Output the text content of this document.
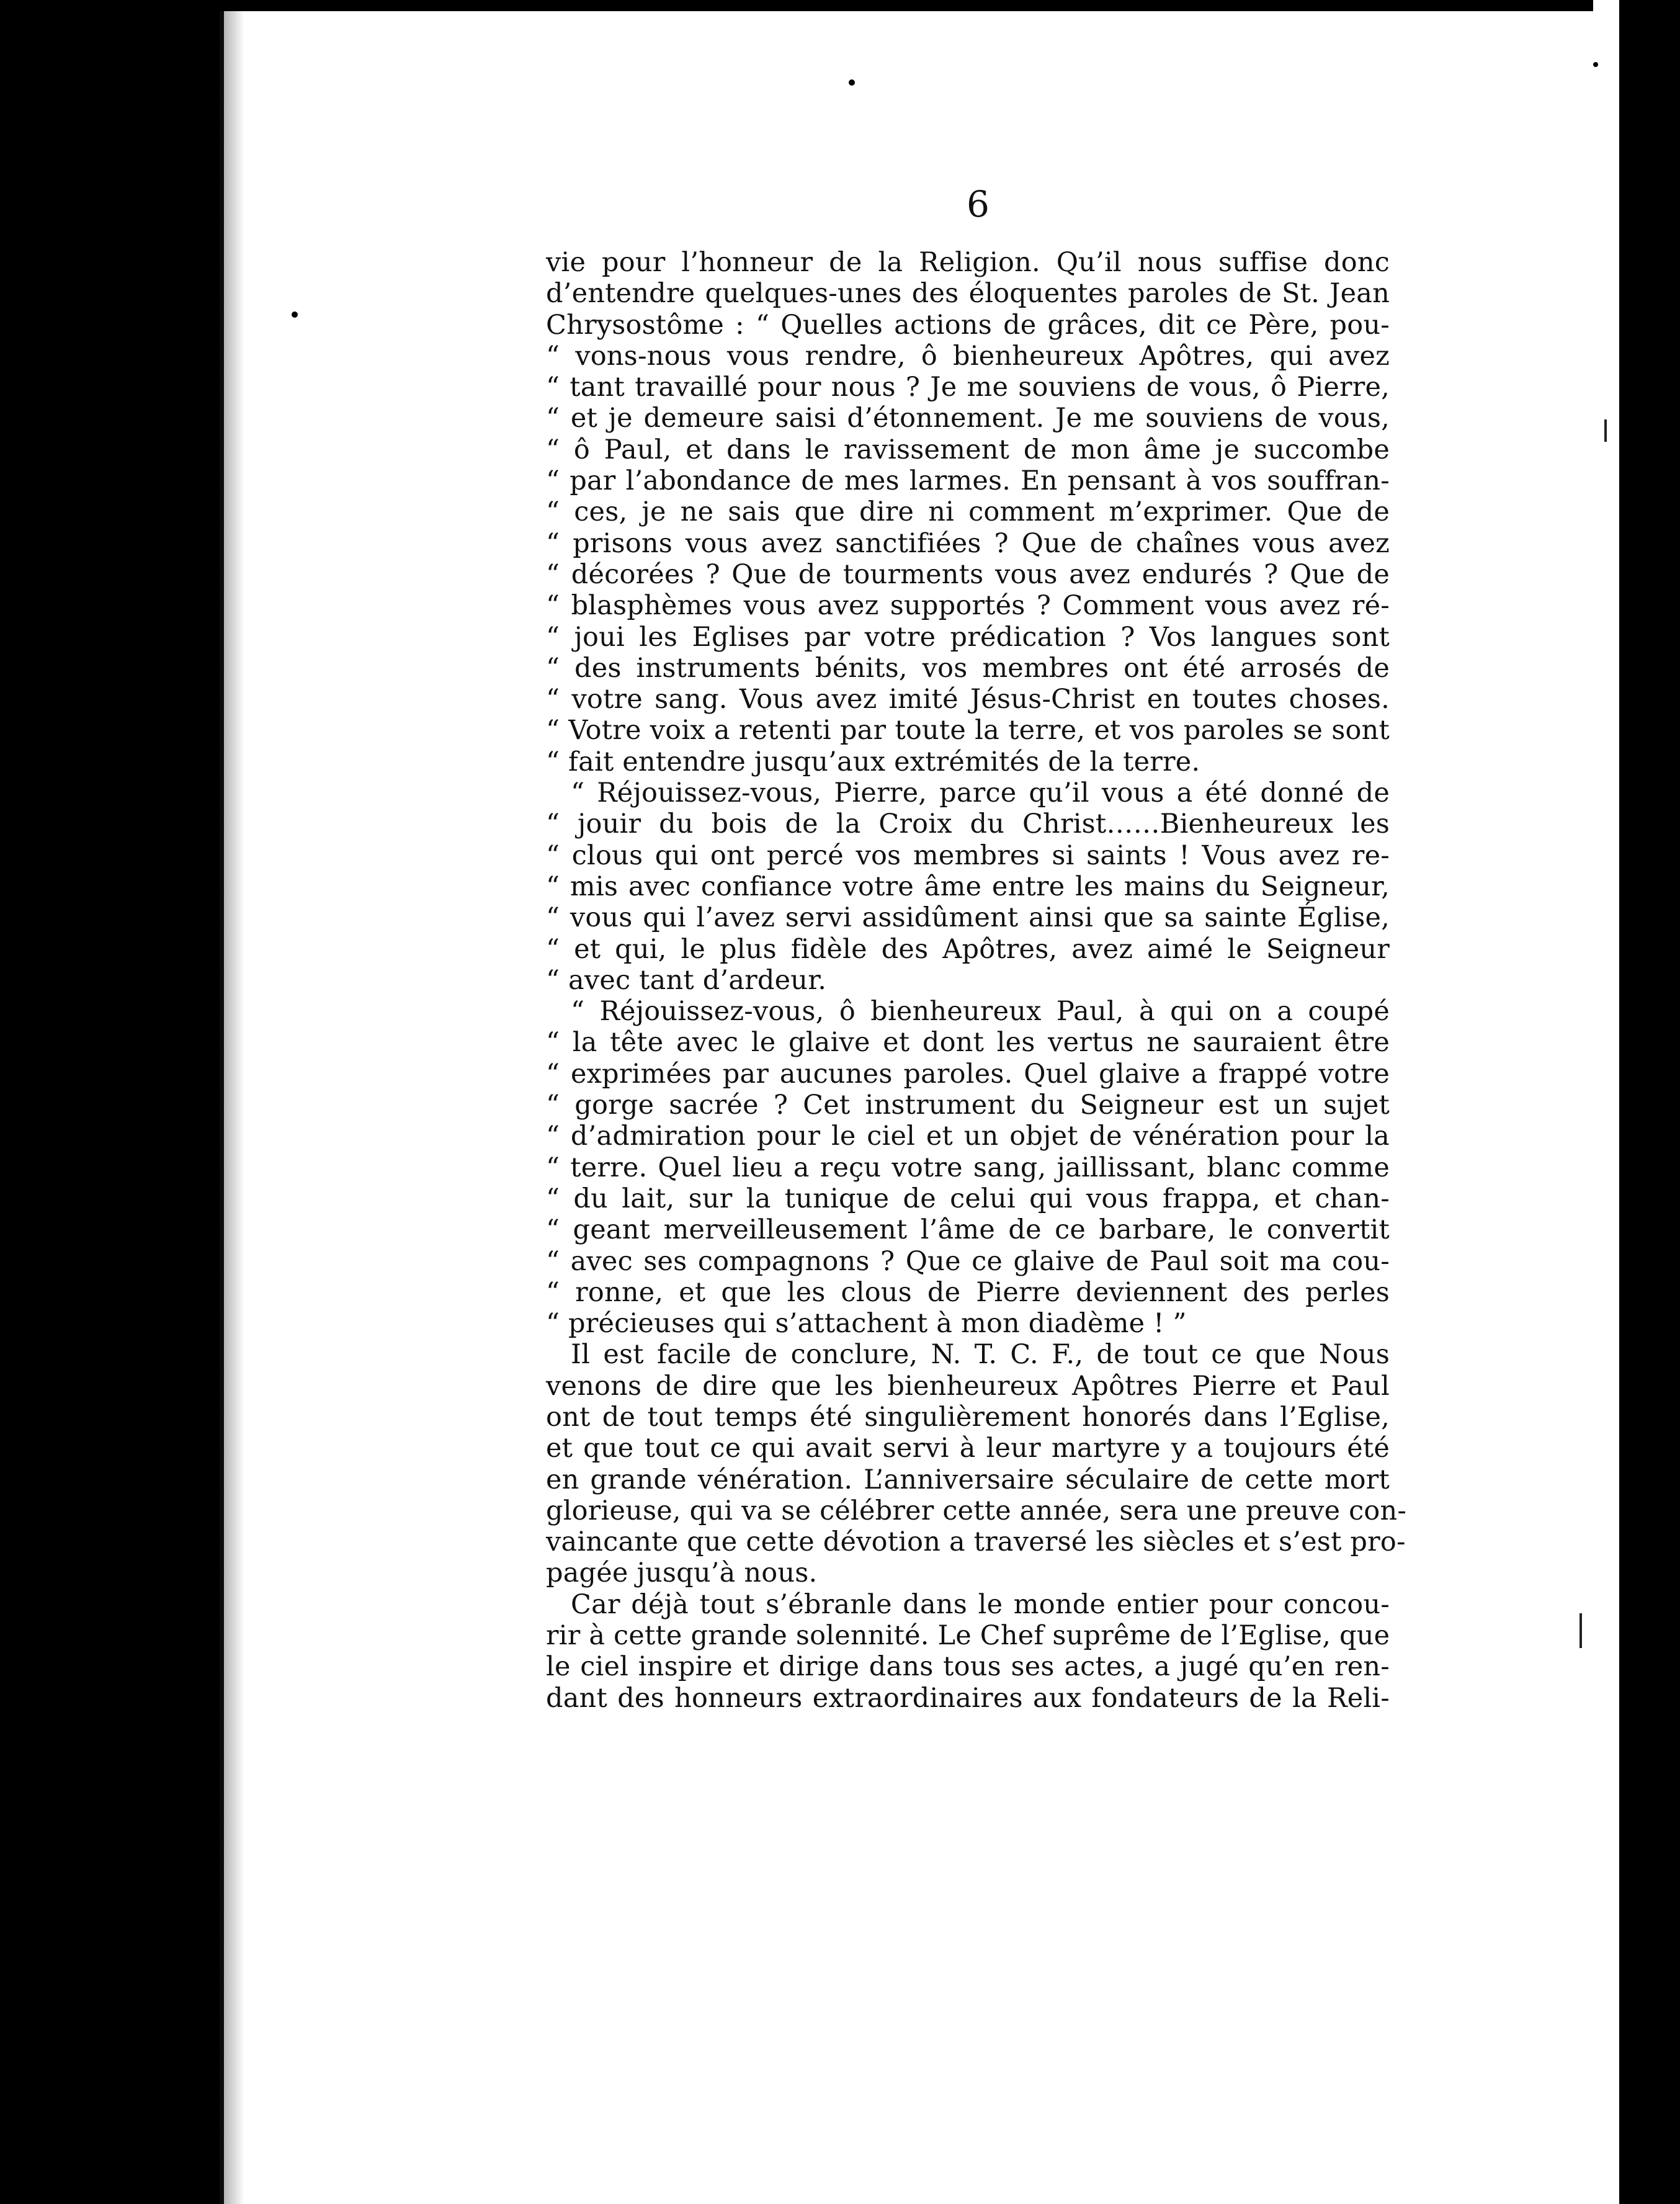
6
vie pour l’honneur de la Religion. Qu’il nous suffise donc
d’entendre quelques-unes des éloquentes paroles de St. Jean
Chrysostôme : “ Quelles actions de grâces, dit ce Père, pou-
“ vons-nous vous rendre, ô bienheureux Apôtres, qui avez
“ tant travaillé pour nous ? Je me souviens de vous, ô Pierre,
“ et je demeure saisi d’étonnement. Je me souviens de vous,
“ ô Paul, et dans le ravissement de mon âme je succombe
“ par l’abondance de mes larmes. En pensant à vos souffran-
“ ces, je ne sais que dire ni comment m’exprimer. Que de
“ prisons vous avez sanctifiées ? Que de chaînes vous avez
“ décorées ? Que de tourments vous avez endurés ? Que de
“ blasphèmes vous avez supportés ? Comment vous avez ré-
“ joui les Eglises par votre prédication ? Vos langues sont
“ des instruments bénits, vos membres ont été arrosés de
“ votre sang. Vous avez imité Jésus-Christ en toutes choses.
“ Votre voix a retenti par toute la terre, et vos paroles se sont
“ fait entendre jusqu’aux extrémités de la terre.
“ Réjouissez-vous, Pierre, parce qu’il vous a été donné de
“ jouir du bois de la Croix du Christ……Bienheureux les
“ clous qui ont percé vos membres si saints ! Vous avez re-
“ mis avec confiance votre âme entre les mains du Seigneur,
“ vous qui l’avez servi assidûment ainsi que sa sainte Église,
“ et qui, le plus fidèle des Apôtres, avez aimé le Seigneur
“ avec tant d’ardeur.
“ Réjouissez-vous, ô bienheureux Paul, à qui on a coupé
“ la tête avec le glaive et dont les vertus ne sauraient être
“ exprimées par aucunes paroles. Quel glaive a frappé votre
“ gorge sacrée ? Cet instrument du Seigneur est un sujet
“ d’admiration pour le ciel et un objet de vénération pour la
“ terre. Quel lieu a reçu votre sang, jaillissant, blanc comme
“ du lait, sur la tunique de celui qui vous frappa, et chan-
“ geant merveilleusement l’âme de ce barbare, le convertit
“ avec ses compagnons ? Que ce glaive de Paul soit ma cou-
“ ronne, et que les clous de Pierre deviennent des perles
“ précieuses qui s’attachent à mon diadème ! ”
Il est facile de conclure, N. T. C. F., de tout ce que Nous
venons de dire que les bienheureux Apôtres Pierre et Paul
ont de tout temps été singulièrement honorés dans l’Eglise,
et que tout ce qui avait servi à leur martyre y a toujours été
en grande vénération. L’anniversaire séculaire de cette mort
glorieuse, qui va se célébrer cette année, sera une preuve con-
vaincante que cette dévotion a traversé les siècles et s’est pro-
pagée jusqu’à nous.
Car déjà tout s’ébranle dans le monde entier pour concou-
rir à cette grande solennité. Le Chef suprême de l’Eglise, que
le ciel inspire et dirige dans tous ses actes, a jugé qu’en ren-
dant des honneurs extraordinaires aux fondateurs de la Reli-
